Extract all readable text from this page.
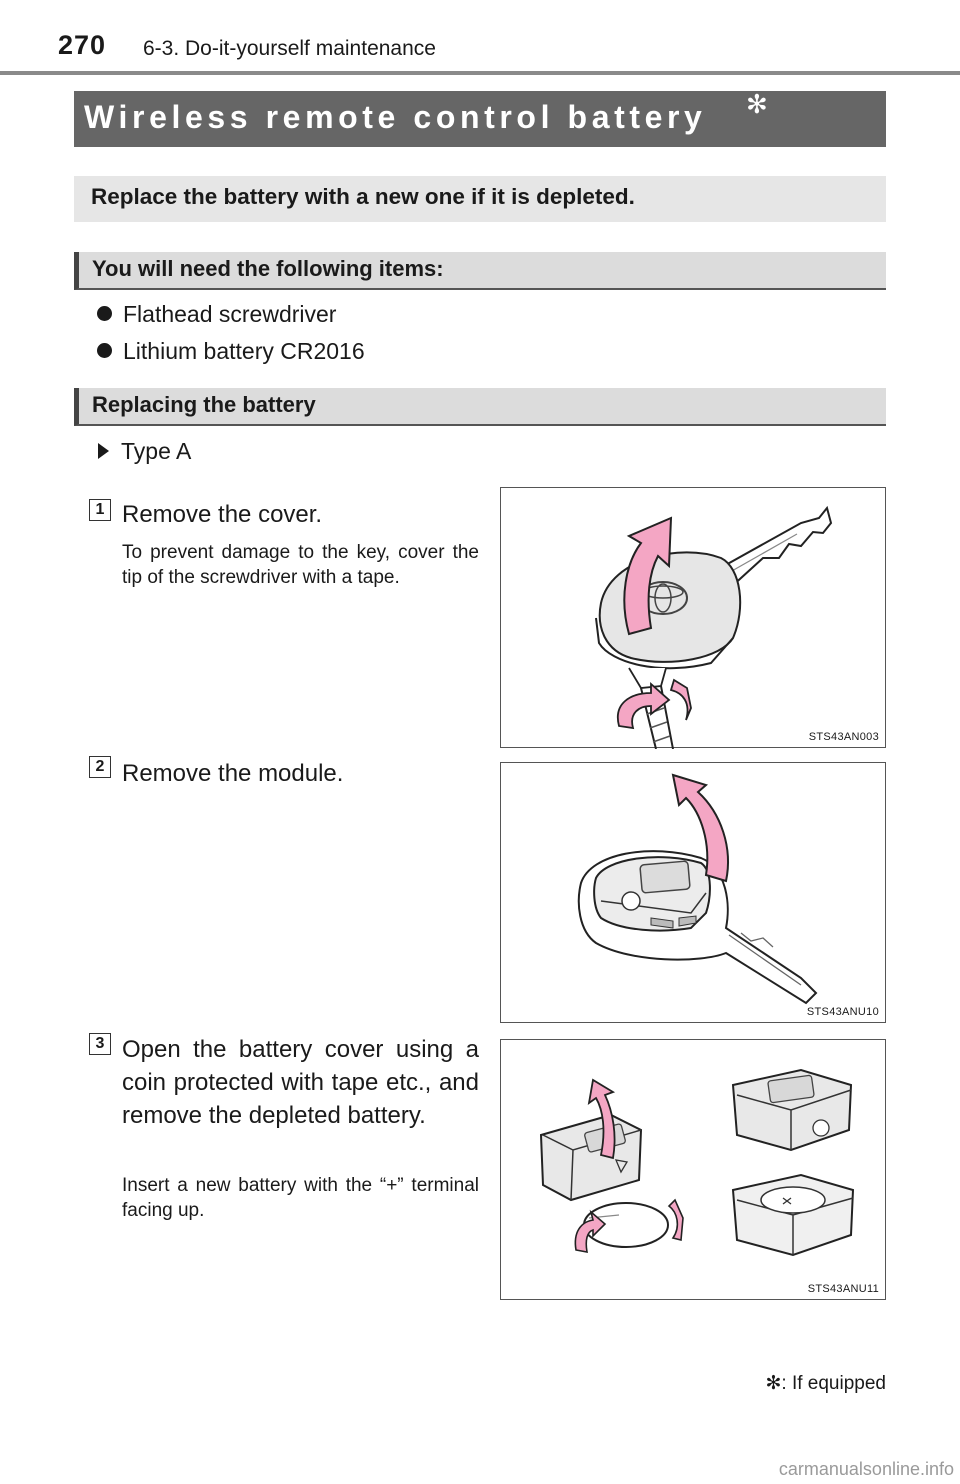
270 6-3. Do-it-yourself maintenance
Wireless remote control battery ✻
Replace the battery with a new one if it is depleted.
You will need the following items:
Flathead screwdriver
Lithium battery CR2016
Replacing the battery
Type A
1 Remove the cover.
To prevent damage to the key, cover the tip of the screwdriver with a tape.
STS43AN003
2 Remove the module.
STS43ANU10
3 Open the battery cover using a coin protected with tape etc., and remove the depleted battery.
Insert a new battery with the “+” terminal facing up.
STS43ANU11
✻: If equipped
carmanualsonline.info
